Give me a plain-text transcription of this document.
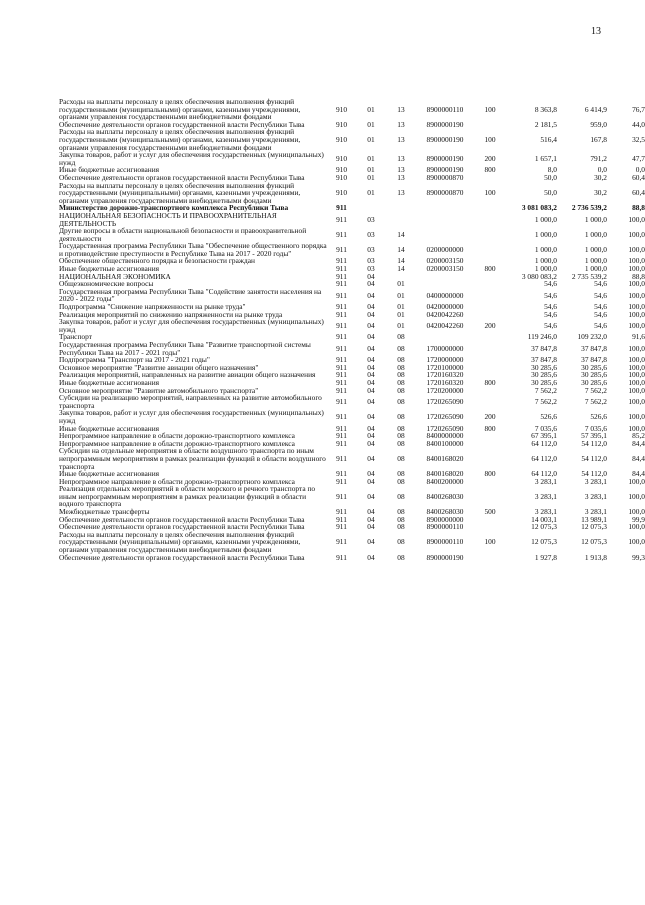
13
Расходы на выплаты персоналу в целях обеспечения выполнения функций государственными (муниципальными) органами, казенными учреждениями, органами управления государственными внебюджетными фондами	910	01	13	8900000110	100	8 363,8	6 414,9	76,7
Обеспечение деятельности органов государственной власти Республики Тыва	910	01	13	8900000190		2 181,5	959,0	44,0
Расходы на выплаты персоналу в целях обеспечения выполнения функций государственными (муниципальными) органами, казенными учреждениями, органами управления государственными внебюджетными фондами	910	01	13	8900000190	100	516,4	167,8	32,5
Закупка товаров, работ и услуг для обеспечения государственных (муниципальных) нужд	910	01	13	8900000190	200	1 657,1	791,2	47,7
Иные бюджетные ассигнования	910	01	13	8900000190	800	8,0	0,0	0,0
Обеспечение деятельности органов государственной власти Республики Тыва	910	01	13	8900000870		50,0	30,2	60,4
Расходы на выплаты персоналу в целях обеспечения выполнения функций государственными (муниципальными) органами, казенными учреждениями, органами управления государственными внебюджетными фондами	910	01	13	8900000870	100	50,0	30,2	60,4
Министерство дорожно-транспортного комплекса Республики Тыва	911					3 081 083,2	2 736 539,2	88,8
НАЦИОНАЛЬНАЯ БЕЗОПАСНОСТЬ И ПРАВООХРАНИТЕЛЬНАЯ ДЕЯТЕЛЬНОСТЬ	911	03				1 000,0	1 000,0	100,0
Другие вопросы в области национальной безопасности и правоохранительной деятельности	911	03	14			1 000,0	1 000,0	100,0
Государственная программа Республики Тыва "Обеспечение общественного порядка и противодействие преступности в Республике Тыва на 2017 - 2020 годы"	911	03	14	0200000000		1 000,0	1 000,0	100,0
Обеспечение общественного порядка и безопасности граждан	911	03	14	0200003150		1 000,0	1 000,0	100,0
Иные бюджетные ассигнования	911	03	14	0200003150	800	1 000,0	1 000,0	100,0
НАЦИОНАЛЬНАЯ ЭКОНОМИКА	911	04				3 080 083,2	2 735 539,2	88,8
Общеэкономические вопросы	911	04	01			54,6	54,6	100,0
Государственная программа Республики Тыва "Содействие занятости населения на 2020 - 2022 годы"	911	04	01	0400000000		54,6	54,6	100,0
Подпрограмма "Снижение напряженности на рынке труда"	911	04	01	0420000000		54,6	54,6	100,0
Реализация мероприятий по снижению напряженности на рынке труда	911	04	01	0420042260		54,6	54,6	100,0
Закупка товаров, работ и услуг для обеспечения государственных (муниципальных) нужд	911	04	01	0420042260	200	54,6	54,6	100,0
Транспорт	911	04	08			119 246,0	109 232,0	91,6
Государственная программа Республики Тыва "Развитие транспортной системы Республики Тыва на 2017 - 2021 годы"	911	04	08	1700000000		37 847,8	37 847,8	100,0
Подпрограмма "Транспорт на 2017 - 2021 годы"	911	04	08	1720000000		37 847,8	37 847,8	100,0
Основное мероприятие "Развитие авиации общего назначения"	911	04	08	1720100000		30 285,6	30 285,6	100,0
Реализация мероприятий, направленных на развитие авиации общего назначения	911	04	08	1720160320		30 285,6	30 285,6	100,0
Иные бюджетные ассигнования	911	04	08	1720160320	800	30 285,6	30 285,6	100,0
Основное мероприятие "Развитие автомобильного транспорта"	911	04	08	1720200000		7 562,2	7 562,2	100,0
Субсидии на реализацию мероприятий, направленных на развитие автомобильного транспорта	911	04	08	1720265090		7 562,2	7 562,2	100,0
Закупка товаров, работ и услуг для обеспечения государственных (муниципальных) нужд	911	04	08	1720265090	200	526,6	526,6	100,0
Иные бюджетные ассигнования	911	04	08	1720265090	800	7 035,6	7 035,6	100,0
Непрограммное направление в области дорожно-транспортного комплекса	911	04	08	8400000000		67 395,1	57 395,1	85,2
Непрограммное направление в области дорожно-транспортного комплекса	911	04	08	8400100000		64 112,0	54 112,0	84,4
Субсидии на отдельные мероприятия в области воздушного транспорта по иным непрограммным мероприятиям в рамках реализации функций в области воздушного транспорта	911	04	08	8400168020		64 112,0	54 112,0	84,4
Иные бюджетные ассигнования	911	04	08	8400168020	800	64 112,0	54 112,0	84,4
Непрограммное направление в области дорожно-транспортного комплекса	911	04	08	8400200000		3 283,1	3 283,1	100,0
Реализация отдельных мероприятий в области морского и речного транспорта по иным непрограммным мероприятиям в рамках реализации функций в области водного транспорта	911	04	08	8400268030		3 283,1	3 283,1	100,0
Межбюджетные трансферты	911	04	08	8400268030	500	3 283,1	3 283,1	100,0
Обеспечение деятельности органов государственной власти Республики Тыва	911	04	08	8900000000		14 003,1	13 989,1	99,9
Обеспечение деятельности органов государственной власти Республики Тыва	911	04	08	8900000110		12 075,3	12 075,3	100,0
Расходы на выплаты персоналу в целях обеспечения выполнения функций государственными (муниципальными) органами, казенными учреждениями, органами управления государственными внебюджетными фондами	911	04	08	8900000110	100	12 075,3	12 075,3	100,0
Обеспечение деятельности органов государственной власти Республики Тыва	911	04	08	8900000190		1 927,8	1 913,8	99,3
